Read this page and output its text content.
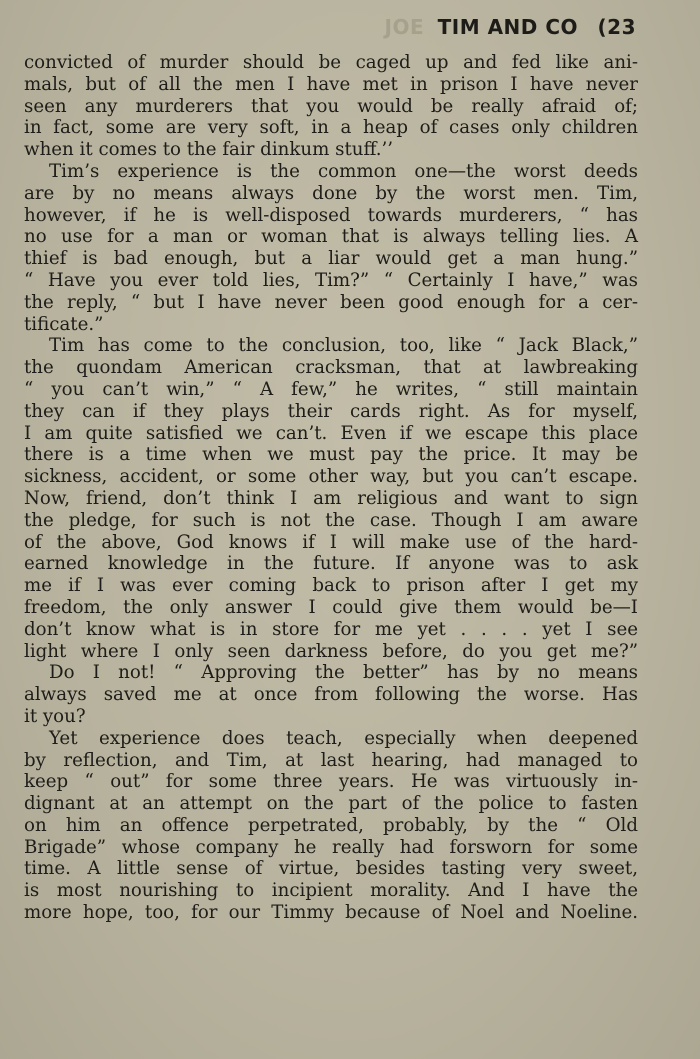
JOE TIM AND CO (23
convicted of murder should be caged up and fed like ani-
mals, but of all the men I have met in prison I have never
seen any murderers that you would be really afraid of;
in fact, some are very soft, in a heap of cases only children
when it comes to the fair dinkum stuff.’’
Tim’s experience is the common one—the worst deeds
are by no means always done by the worst men. Tim,
however, if he is well-disposed towards murderers, “ has
no use for a man or woman that is always telling lies. A
thief is bad enough, but a liar would get a man hung.”
“ Have you ever told lies, Tim?” “ Certainly I have,” was
the reply, “ but I have never been good enough for a cer-
tificate.”
Tim has come to the conclusion, too, like “ Jack Black,”
the quondam American cracksman, that at lawbreaking
“ you can’t win,” “ A few,” he writes, “ still maintain
they can if they plays their cards right. As for myself,
I am quite satisfied we can’t. Even if we escape this place
there is a time when we must pay the price. It may be
sickness, accident, or some other way, but you can’t escape.
Now, friend, don’t think I am religious and want to sign
the pledge, for such is not the case. Though I am aware
of the above, God knows if I will make use of the hard-
earned knowledge in the future. If anyone was to ask
me if I was ever coming back to prison after I get my
freedom, the only answer I could give them would be—I
don’t know what is in store for me yet . . . . yet I see
light where I only seen darkness before, do you get me?”
Do I not! “ Approving the better” has by no means
always saved me at once from following the worse. Has
it you?
Yet experience does teach, especially when deepened
by reflection, and Tim, at last hearing, had managed to
keep “ out” for some three years. He was virtuously in-
dignant at an attempt on the part of the police to fasten
on him an offence perpetrated, probably, by the “ Old
Brigade” whose company he really had forsworn for some
time. A little sense of virtue, besides tasting very sweet,
is most nourishing to incipient morality. And I have the
more hope, too, for our Timmy because of Noel and Noeline.
